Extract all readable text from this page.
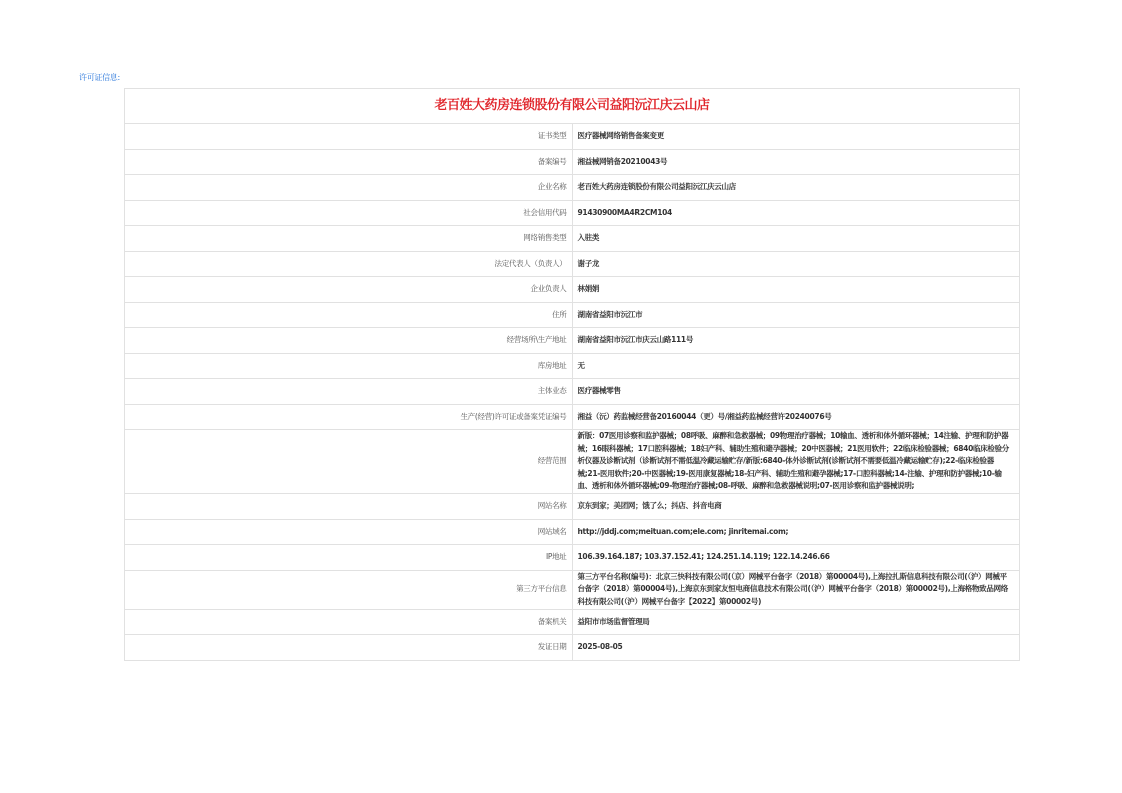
许可证信息:
老百姓大药房连锁股份有限公司益阳沅江庆云山店	
证书类型	医疗器械网络销售备案变更
备案编号	湘益械网销备20210043号
企业名称	老百姓大药房连锁股份有限公司益阳沅江庆云山店
社会信用代码	91430900MA4R2CM104
网络销售类型	入驻类
法定代表人（负责人）	谢子龙
企业负责人	林娟娟
住所	湖南省益阳市沅江市
经营场所\生产地址	湖南省益阳市沅江市庆云山路111号
库房地址	无
主体业态	医疗器械零售
生产(经营)许可证或备案凭证编号	湘益（沅）药监械经营备20160044（更）号/湘益药监械经营许20240076号
经营范围	新版：07医用诊察和监护器械；08呼吸、麻醉和急救器械；09物理治疗器械；10输血、透析和体外循环器械；14注输、护理和防护器械；16眼科器械；17口腔科器械；18妇产科、辅助生殖和避孕器械；20中医器械；21医用软件；22临床检验器械；6840临床检验分析仪器及诊断试剂（诊断试剂不需低温冷藏运输贮存/新版:6840-体外诊断试剂(诊断试剂不需要低温冷藏运输贮存);22-临床检验器械;21-医用软件;20-中医器械;19-医用康复器械;18-妇产科、辅助生殖和避孕器械;17-口腔科器械;14-注输、护理和防护器械;10-输血、透析和体外循环器械;09-物理治疗器械;08-呼吸、麻醉和急救器械说明;07-医用诊察和监护器械说明;
网站名称	京东到家；美团网；饿了么；抖店、抖音电商
网站域名	http://jddj.com;meituan.com;ele.com; jinritemai.com;
IP地址	106.39.164.187; 103.37.152.41; 124.251.14.119; 122.14.246.66
第三方平台信息	第三方平台名称(编号)：北京三快科技有限公司(（京）网械平台备字（2018）第00004号),上海拉扎斯信息科技有限公司(（沪）网械平台备字（2018）第00004号),上海京东到家友恒电商信息技术有限公司(（沪）网械平台备字（2018）第00002号),上海格物致品网络科技有限公司(（沪）网械平台备字【2022】第00002号)
备案机关	益阳市市场监督管理局
发证日期	2025-08-05
